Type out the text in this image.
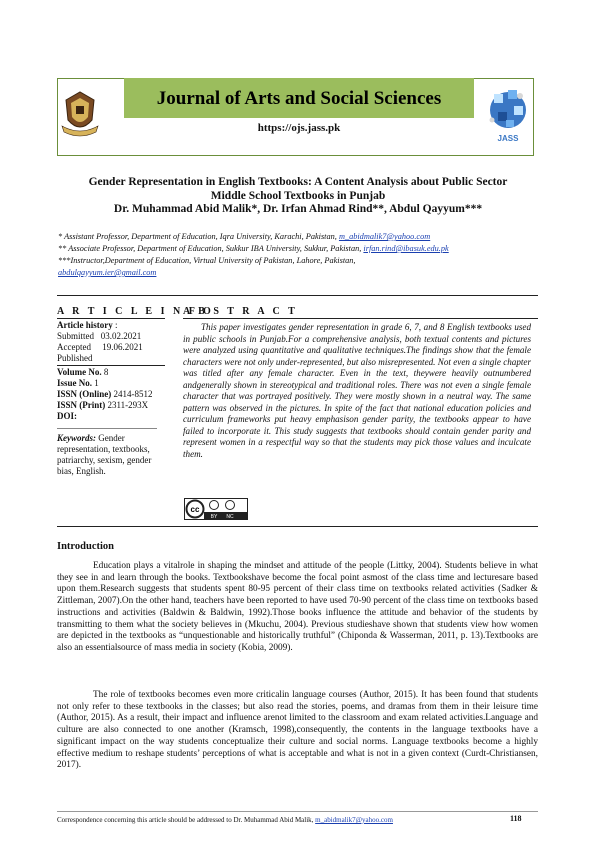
Journal of Arts and Social Sciences
https://ojs.jass.pk
JASS
Gender Representation in English Textbooks: A Content Analysis about Public Sector
Middle School Textbooks in Punjab
Dr. Muhammad Abid Malik*, Dr. Irfan Ahmad Rind**, Abdul Qayyum***
* Assistant Professor, Department of Education, Iqra University, Karachi, Pakistan, m_abidmalik7@yahoo.com
** Associate Professor, Department of Education, Sukkur IBA University, Sukkur, Pakistan, irfan.rind@ibasuk.edu.pk
***Instructor,Department of Education, Virtual University of Pakistan, Lahore, Pakistan,
abdulqayyum.ier@gmail.com
A R T I C L E I N F O
A B S T R A C T
Article history :
Submitted 03.02.2021
Accepted 19.06.2021
Published
Volume No. 8
Issue No. 1
ISSN (Online) 2414-8512
ISSN (Print) 2311-293X
DOI:
Keywords: Gender representation, textbooks, patriarchy, sexism, gender bias, English.
This paper investigates gender representation in grade 6, 7, and 8 English textbooks used in public schools in Punjab.For a comprehensive analysis, both textual contents and pictures were analyzed using quantitative and qualitative techniques.The findings show that the female characters were not only under-represented, but also misrepresented. Not even a single chapter was titled after any female character. Even in the text, theywere heavily outnumbered andgenerally shown in stereotypical and traditional roles. There was not even a single female character that was portrayed positively. They were mostly shown in a neutral way. The same pattern was observed in the pictures. In spite of the fact that national education policies and curriculum frameworks put heavy emphasison gender parity, the textbooks appear to have failed to incorporate it. This study suggests that textbooks should contain gender parity and represent women in a respectful way so that the students may pick those values and inculcate them.
cc
BY NC
Introduction
Education plays a vitalrole in shaping the mindset and attitude of the people (Littky, 2004). Students believe in what they see in and learn through the books. Textbookshave become the focal point asmost of the class time and lecturesare based upon them.Research suggests that students spent 80-95 percent of their class time on textbooks related activities (Sadker & Zittleman, 2007).On the other hand, teachers have been reported to have used 70-90 percent of the class time on textbooks based instructions and activities (Baldwin & Baldwin, 1992).Those books influence the attitude and behavior of the students by transmitting to them what the society believes in (Mkuchu, 2004). Previous studieshave shown that students view how women are depicted in the textbooks as “unquestionable and historically truthful” (Chiponda & Wasserman, 2011, p. 13).Textbooks are also an essentialsource of mass media in society (Kobia, 2009).
The role of textbooks becomes even more criticalin language courses (Author, 2015). It has been found that students not only refer to these textbooks in the classes; but also read the stories, poems, and dramas from them in their leisure time (Author, 2015). As a result, their impact and influence arenot limited to the classroom and exam related activities.Language and culture are also connected to one another (Kramsch, 1998),consequently, the contents in the language textbooks have a significant impact on the way students conceptualize their culture and social norms. Language textbooks become a highly effective medium to reshape students’ perceptions of what is acceptable and what is not in a given context (Curdt-Christiansen, 2017).
Correspondence concerning this article should be addressed to Dr. Muhammad Abid Malik, m_abidmalik7@yahoo.com	118
